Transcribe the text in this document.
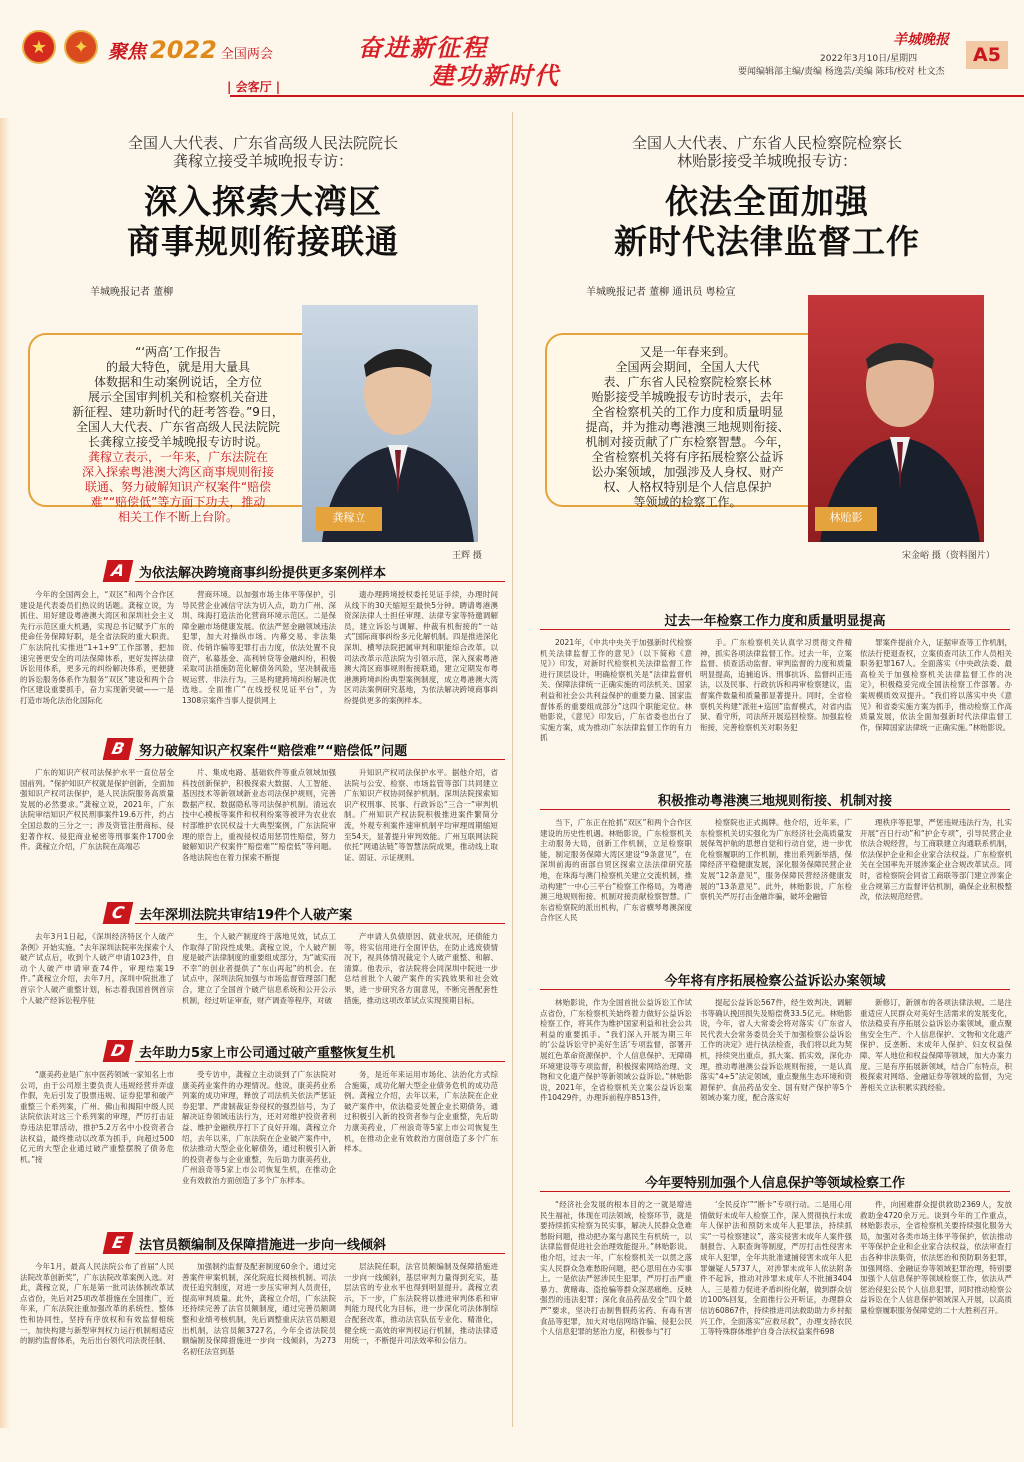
★	✦	聚焦 2022 全国两会	奋进新征程
建功新时代
| 会客厅 |
羊城晚报
A5
2022年3月10日/星期四
要闻编辑部主编/责编 杨逸芸/美编 陈玮/校对 杜文杰
全国人大代表、广东省高级人民法院院长
龚稼立接受羊城晚报专访：
深入探索大湾区
商事规则衔接联通
羊城晚报记者 董柳
“‘两高’工作报告
的最大特色，就是用大量具
体数据和生动案例说话，全方位
展示全国审判机关和检察机关奋进
新征程、建功新时代的赶考答卷。”9日，
全国人大代表、广东省高级人民法院院
长龚稼立接受羊城晚报专访时说。
龚稼立表示，一年来，广东法院在
深入探索粤港澳大湾区商事规则衔接
联通、努力破解知识产权案件“赔偿
难”“赔偿低”等方面下功夫，推动
相关工作不断上台阶。	龚稼立
王辉 摄
A 为依法解决跨境商事纠纷提供更多案例样本

今年的全国两会上，“双区”和两个合作区建设是代表委员们热议的话题。龚稼立说，为抓住、用好建设粤港澳大湾区和深圳社会主义先行示范区重大机遇，实现总书记赋予广东的使命任务保障好职，是全省法院的重大职责。广东法院扎实推进“1+1+9”工作部署，把加速完善更安全的司法保障体系，更好发挥法律诉讼用体系，更多元的纠纷解决体系，更便捷的诉讼服务体系作为服务“双区”建设和两个合作区建设重要抓手，奋力实现新突破——一是打造市场化法治化国际化

营商环境。以加强市场主体平等保护，引导民营企业减信守法为切入点，助力广州、深圳、珠海打造法治化营商环境示范区。二是保障金融市场健康发展。依法严惩金融领域违法犯罪，加大对操纵市场、内幕交易、非法集资、传销诈骗等犯罪打击力度，依法处置不良资产，私募基金、高利转贷等金融纠纷，积极采取司法措施防范化解债务风险，坚决制裁违规运营、非法行为。三是构建跨境纠纷解决优选地。全面推广“在线授权见证平台”，为1308宗案件当事人提供网上

遗办理跨境授权委托见证手续，办理时间从线下的30天缩短至最快5分钟。聘请粤港澳资深法律人士担任审理、法律专家等特邀调解员，建立诉讼与调解、仲裁有机衔接的“一站式”国际商事纠纷多元化解机制。四是推进深化深圳、横琴法院把属审判和职能综合改革。以司法改革示范法院为引领示范，深入探索粤港澳大湾区商事规则衔接联通，建立定期发布粤港澳跨境纠纷典型案例制度，成立粤港澳大湾区司法案例研究基地，为依法解决跨境商事纠纷提供更多的案例样本。

B 努力破解知识产权案件“赔偿难”“赔偿低”问题

广东的知识产权司法保护水平一直位居全国前列。“保护知识产权就是保护创新，全面加强知识产权司法保护，是人民法院服务高质量发展的必然要求。”龚稼立说，2021年，广东法院审结知识产权民刑事案件19.6万件，约占全国总数的三分之一；涉及资管注册商标、侵犯著作权、侵犯商业秘密等刑事案件1700余件。龚稼立介绍，广东法院在高端芯

片、集成电路、基础软件等重点领域加强科技创新保护，积极探索大数据、人工智能、基因技术等新领域新业态司法保护规则，完善数据产权、数据隐私等司法保护机制。清远农技中心模板等案件和权利纷案等被评为农业农村部维护农民权益十大典型案例，广东法院审理的原告上，重视侵权适用惩罚性赔偿，努力破解知识产权案件“赔偿难”“赔偿低”等问题。各地法院也在着力探索不断提

升知识产权司法保护水平。据他介绍，省法院与公安、检察、市场监管等部门共同建立广东知识产权协同保护机制。深圳法院探索知识产权刑事、民事、行政诉讼“三合一”审判机制。广州知识产权法院积极推进案件繁简分流，外观专利案件速审机制平均审理周期缩短至54天，显著提升审判效能。广州互联网法院依托“网通法链”等智慧法院成果，推动线上取证、固证、示证规则。

C 去年深圳法院共审结19件个人破产案

去年3月1日起，《深圳经济特区个人破产条例》开始实施。“去年深圳法院率先探索个人破产试点后，收到个人破产申请1023件，自动个人破产申请审查74件，审理结案19件。”龚稼立介绍，去年7月，深圳中院批准了首宗个人破产重整计划，标志着我国首例首宗个人破产经诉讼程序驻

生，个人破产制度终于落地见效，试点工作取得了阶段性成果。龚稼立说，个人破产制度是破产法律制度的重要组成部分，为“诚实而不幸”的创业者提供了“东山再起”的机会。在试点中，深圳法院加强与市场监督管理部门配合，建立了全国首个破产信息系统和公开公示机制，经过听证审查，财产调查等程序，对破

产申请人负债原因、就业状况，还债能力等，将实信用进行全面评估，在防止逃废债情况下，视具体情况裁定个人破产重整、和解、清算。他表示，省法院将会同深圳中院进一步总结首批个人破产案件的实践效果和社会效果，进一步研究各方面意见，不断完善配套性措施，推动这项改革试点实现预期目标。

D 去年助力5家上市公司通过破产重整恢复生机

“康美药业是广东中医药领域一家知名上市公司，由于公司原主要负责人违规经营并弄虚作假，先后引发了股票违规、证券犯罪和破产重整三个系列案，广州、佛山和揭阳中级人民法院依法对这三个系列案的审理，严厉打击证券违法犯罪活动，推护5.2万名中小投资者合法权益，最终推动以改革为抓手，向超过500亿元的大型企业通过破产重整摆脱了债务危机。”接

受专访中，龚稼立主动谈到了广东法院对康美药业案件的办理情况。他说，康美药业系列案的成功审理，释放了司法机关依法严惩证券犯罪、严肃制裁证券侵权的强烈信号，为了解决证券领域违法行为，还对对维护投资者利益、维护金融秩序打下了良好开端。龚稼立介绍，去年以来，广东法院在企业破产案件中，依法推动大型企业化解债务，通过积极引入新的投资者参与企业重整，先后助力康美药业，广州浪奇等5家上市公司恢复生机，在推动企业有效救治方面创造了多个广东样本。

务，是近年来运用市场化、法治化方式综合施策，成功化解大型企业债务危机的成功范例。龚稼立介绍，去年以来，广东法院在企业破产案件中，依法稳妥处置企业长期债务，通过积极引入新的投资者参与企业重整，先后助力康美药业，广州浪奇等5家上市公司恢复生机，在推动企业有效救治方面创造了多个广东样本。

E	法官员额编制及保障措施进一步向一线倾斜

今年1月，最高人民法院公布了首届“人民法院改革创新奖”，广东法院改革案例入选。对此，龚稼立说，广东是第一批司法体制改革试点省份，先后对25项改革措施在全国推广，近年来，广东法院注重加强改革的系统性、整体性和协同性，坚持有序放权和有效监督相统一，加快构建与新型审判权力运行机制相适应的制约监督体系，先后出台领代司法责任制、

加强制约监督及配套制度60余个。通过完善案件审案机制，深化院庭长阅核机制、司法责任追究制度，对进一步压实审判人员责任，提高审判质量。此外，龚稼立介绍，广东法院还持续完善了法官员额制度，通过完善员额调整和业绩考核机制，先后调整重庆法官员额退出机制，法官员额3727名，今年全省法院员额编制及保障措施进一步向一线倾斜，为273名初任法官到基

层法院任职，法官员额编制及保障措施进一步向一线倾斜，基层审判力量得到充实，基层法官的专业水平也得到明显提升。龚稼立表示，下一步，广东法院将以推进审判体系和审判能力现代化为目标，进一步深化司法体制综合配套改革，推动法官队伍专业化、精准化，健全统一高效的审判权运行机制，推动法律适用统一，不断提升司法效率和公信力。

全国人大代表、广东省人民检察院检察长
林贻影接受羊城晚报专访：
依法全面加强
新时代法律监督工作
羊城晚报记者 董柳 通讯员 粤检宣
又是一年春来到。
全国两会期间，全国人大代
表、广东省人民检察院检察长林
贻影接受羊城晚报专访时表示，去年
全省检察机关的工作力度和质量明显
提高，并为推动粤港澳三地规则衔接、
机制对接贡献了广东检察智慧。今年，
全省检察机关将有序拓展检察公益诉
讼办案领域，加强涉及人身权、财产
权、人格权特别是个人信息保护
等领域的检察工作。
林贻影
宋金峪 摄（资料图片）
过去一年检察工作力度和质量明显提高

2021年，《中共中央关于加强新时代检察机关法律监督工作的意见》（以下简称《意见》）印发，对新时代检察机关法律监督工作进行顶层设计，明确检察机关是“法律监督机关、保障法律统一正确实施的司法机关、国家利益和社会公共利益保护的重要力量、国家监督体系的重要组成部分”这四个职能定位。林贻影说，《意见》印发后，广东省委也出台了实施方案，成为推动广东法律监督工作的有力抓

手。广东检察机关认真学习贯彻文件精神，抓实各项法律监督工作。过去一年，立案监督、侦查活动监督、审判监督的力度和质量明显提高，追捕追诉、刑事抗诉、监督纠正违法，以及民事、行政抗诉和再审检察建议，监督案件数量和质量都显著提升。同时，全省检察机关构建“派驻+巡回”监督模式，对省内监狱、看守所，司法所开展巡回检察。加强监检衔接，完善检察机关对职务犯

罪案件提前介入，证据审查等工作机制，依法行使退查权，立案侦查司法工作人员相关职务犯罪167人。全面落实《中央政法委、最高检关于加强检察机关法律监督工作的决定》，积极稳妥完成全国法检察工作部署。办案规模质效双提升。“我们将以落实中央《意见》和省委实施方案为抓手，推动检察工作高质量发展，依法全面加强新时代法律监督工作，保障国家法律统一正确实施。”林贻影说。

积极推动粤港澳三地规则衔接、机制对接

当下，广东正在抢抓“双区”和两个合作区建设的历史性机遇。林贻影说，广东检察机关主动服务大局，创新工作机制，立足检察职能，制定服务保障大湾区建设“9条意见”，在深圳前海的南部自贸区探索立法法律研究基地，在珠海与澳门检察机关建立交流机制，推动构建“一中心三平台”检察工作格局，为粤港澳三地规则衔接、机制对接贡献检察智慧。广东省检察院的派出机构，广东省横琴粤澳深度合作区人民

检察院也正式揭牌。他介绍，近年来，广东检察机关切实强化为广东经济社会高质量发展保驾护航的思想自觉和行动自觉，进一步优化检察履职的工作机制，推出系列新举措，保障经济平稳健康发展，深化服务保障民营企业发展“12条意见”，服务保障民营经济健康发展的“13条意见”。此外，林贻影说，广东检察机关严厉打击金融诈骗，破坏金融管

理秩序等犯罪，严惩违规违法行为，扎实开展“百日行动”和“护企专项”，引导民营企业依法合规经营，与工商联建立沟通联系机制，依法保护企业和企业家合法权益。广东检察机关在全国率先开展涉案企业合规改革试点。同时，省检察院会同省工商联等部门建立涉案企业合规第三方监督评估机制，确保企业积极整改，依法规范经营。

今年将有序拓展检察公益诉讼办案领域

林贻影说，作为全国首批公益诉讼工作试点省份，广东检察机关始终着力做好公益诉讼检察工作，将其作为维护国家利益和社会公共利益的重要抓手。“我们深入开展为期三年的‘公益诉讼守护美好生活’专项监督，部署开展红色革命资源保护、个人信息保护、无障碍环境建设等专项监督，积极探索网络治理、文物和文化遗产保护等新领域公益诉讼。”林贻影说，2021年，全省检察机关立案公益诉讼案件10429件，办理诉前程序8513件，

提起公益诉讼567件，经生效判决、调解书等确认挽回损失及赔偿费33.5亿元。林贻影说，今年，省人大常委会将对落实《广东省人民代表大会常务委员会关于加强检察公益诉讼工作的决定》进行执法检查，我们将以此为契机，持续突出重点，抓大案、抓实效，深化办理，推动粤港澳公益诉讼规则衔接，一是认真落实“4+5”法定领域，重点聚焦生态环境和资源保护、食品药品安全、国有财产保护等5个领域办案力度，配合落实好

新修订，新颁布的各项法律法规。二是注重适应人民群众对美好生活需求的发展变化，依法稳妥有序拓展公益诉讼办案领域，重点聚焦安全生产、个人信息保护、文物和文化遗产保护、反垄断、未成年人保护、妇女权益保障、军人地位和权益保障等领域，加大办案力度。三是有序拓展新领域，结合广东特点，积极探索对网络、金融证券等领域的监督，为完善相关立法积累实践经验。

今年要特别加强个人信息保护等领域检察工作

“经济社会发展的根本目的之一就是增进民生福祉，体现在司法领域，检察环节，就是要持续抓实检察为民实事，解决人民群众急难愁盼问题，推动把办案与惠民生有机统一，以法律监督促进社会治理效能提升。”林贻影说。他介绍，过去一年，广东检察机关一以贯之落实人民群众急难愁盼问题，把心思用在办实事上。一是依法严惩涉民生犯罪，严厉打击严重暴力、黄赌毒、盗抢骗等群众深恶痛绝、反映强烈的违法犯罪；深化食品药品安全“四个最严”要求，坚决打击制售假药劣药、有毒有害食品等犯罪，加大对电信网络诈骗、侵犯公民个人信息犯罪的惩治力度，积极参与“打

‘全民反诈’”“断卡”专项行动。二是用心用情做好未成年人检察工作，深入贯彻执行未成年人保护法和预防未成年人犯罪法，持续抓实“一号检察建议”，落实侵害未成年人案件强制报告、入职查询等制度，严厉打击性侵害未成年人犯罪，全年共批准逮捕侵害未成年人犯罪嫌疑人5737人，对涉罪未成年人依法附条件不起诉，推动对涉罪未成年人不批捕3404人。三是着力促进矛盾纠纷化解，做到群众信访100%回复，全面推行公开听证，办理群众信访60867件，持续推进司法救助助力乡村振兴工作，全面落实“应救尽救”，办理支持农民工等特殊群体维护自身合法权益案件698

件，向困难群众提供救助2369人，发放救助金4720余万元。谈到今年的工作重点，林贻影表示，全省检察机关要持续强化服务大局，加强对各类市场主体平等保护，依法推动平等保护企业和企业家合法权益，依法审查打击各种非法集资，依法惩治和预防职务犯罪，加强网络、金融证券等领域犯罪治理，特别要加强个人信息保护等领域检察工作，依法从严惩治侵犯公民个人信息犯罪，同时推动检察公益诉讼在个人信息保护领域深入开展，以高质量检察履职服务保障党的二十大胜利召开。
